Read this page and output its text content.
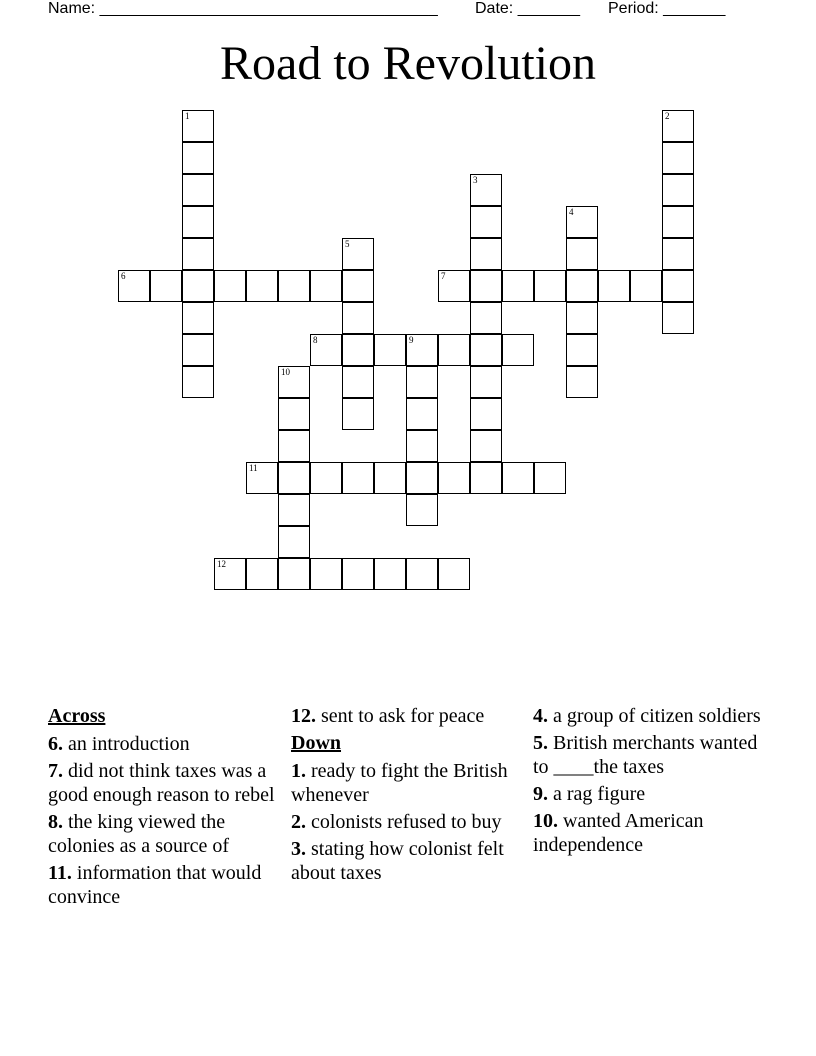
Name: ______________________________________ Date: _______ Period: _______
Road to Revolution
1	2
3
4
5
6	7
8	9
10
11
12
Across
6. an introduction
7. did not think taxes was a good enough reason to rebel
8. the king viewed the colonies as a source of
11. information that would convince
12. sent to ask for peace
Down
1. ready to fight the British whenever
2. colonists refused to buy
3. stating how colonist felt about taxes
4. a group of citizen soldiers
5. British merchants wanted to ____the taxes
9. a rag figure
10. wanted American independence
